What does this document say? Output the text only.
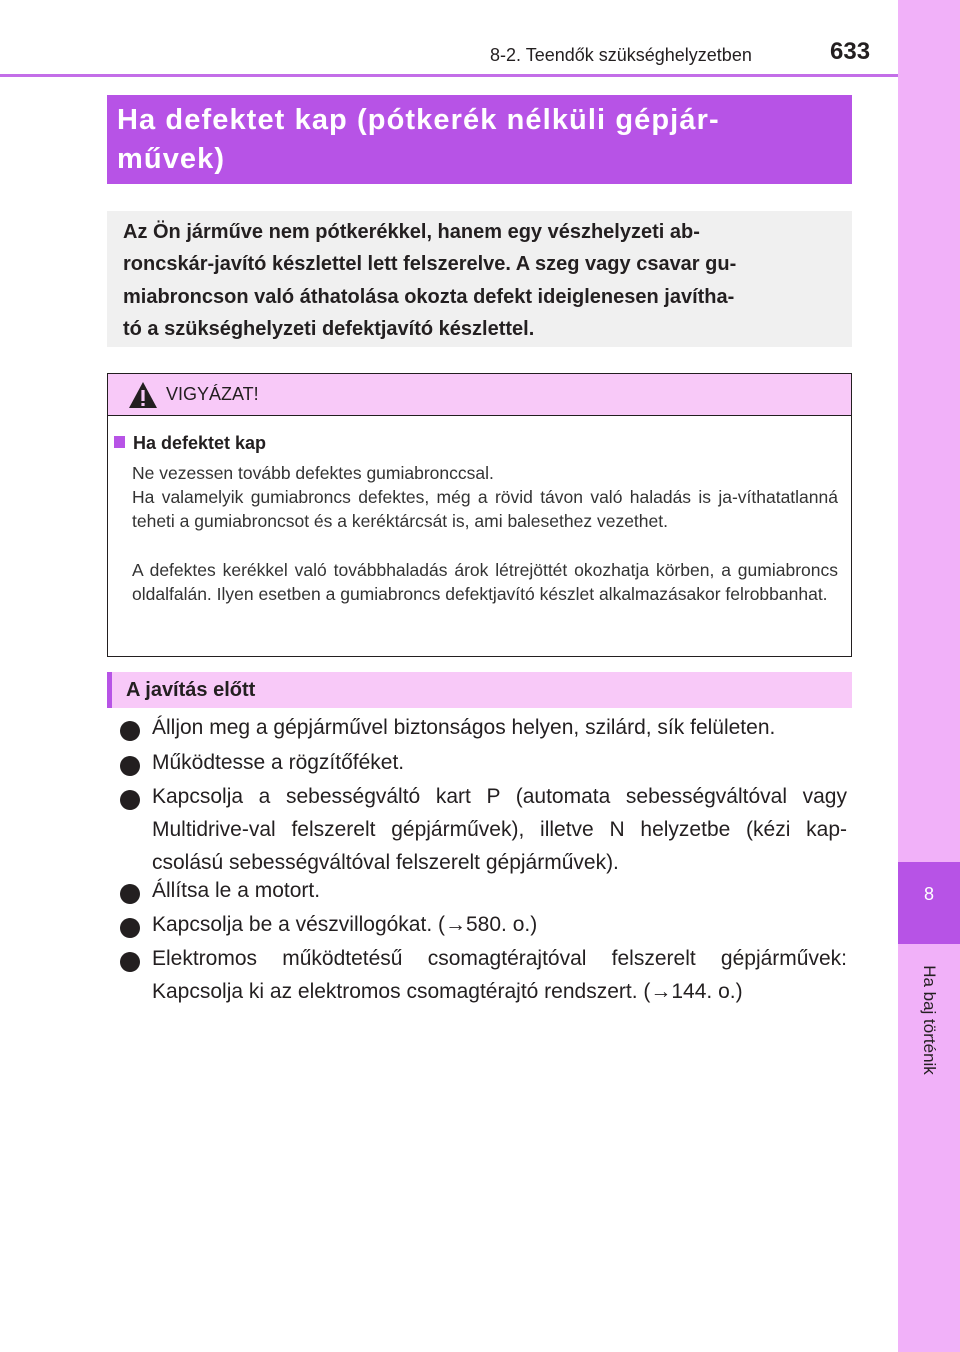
8
Ha baj történik
8-2. Teendők szükséghelyzetben	633
Ha defektet kap (pótkerék nélküli gépjár-
művek)
Az Ön járműve nem pótkerékkel, hanem egy vészhelyzeti ab-
roncskár-javító készlettel lett felszerelve. A szeg vagy csavar gu-
miabroncson való áthatolása okozta defekt ideiglenesen javítha-
tó a szükséghelyzeti defektjavító készlettel.
VIGYÁZAT!
Ha defektet kap
Ne vezessen tovább defektes gumiabronccsal.
Ha valamelyik gumiabroncs defektes, még a rövid távon való haladás is ja-víthatatlanná teheti a gumiabroncsot és a keréktárcsát is, ami balesethez vezethet.
A defektes kerékkel való továbbhaladás árok létrejöttét okozhatja körben, a gumiabroncs oldalfalán. Ilyen esetben a gumiabroncs defektjavító készlet alkalmazásakor felrobbanhat.
A javítás előtt
Álljon meg a gépjárművel biztonságos helyen, szilárd, sík felületen.
Működtesse a rögzítőféket.
Kapcsolja a sebességváltó kart P (automata sebességváltóval vagy Multidrive-val felszerelt gépjárművek), illetve N helyzetbe (kézi kap-csolású sebességváltóval felszerelt gépjárművek).
Állítsa le a motort.
Kapcsolja be a vészvillogókat. (→580. o.)
Elektromos működtetésű csomagtérajtóval felszerelt gépjárművek: Kapcsolja ki az elektromos csomagtérajtó rendszert. (→144. o.)
